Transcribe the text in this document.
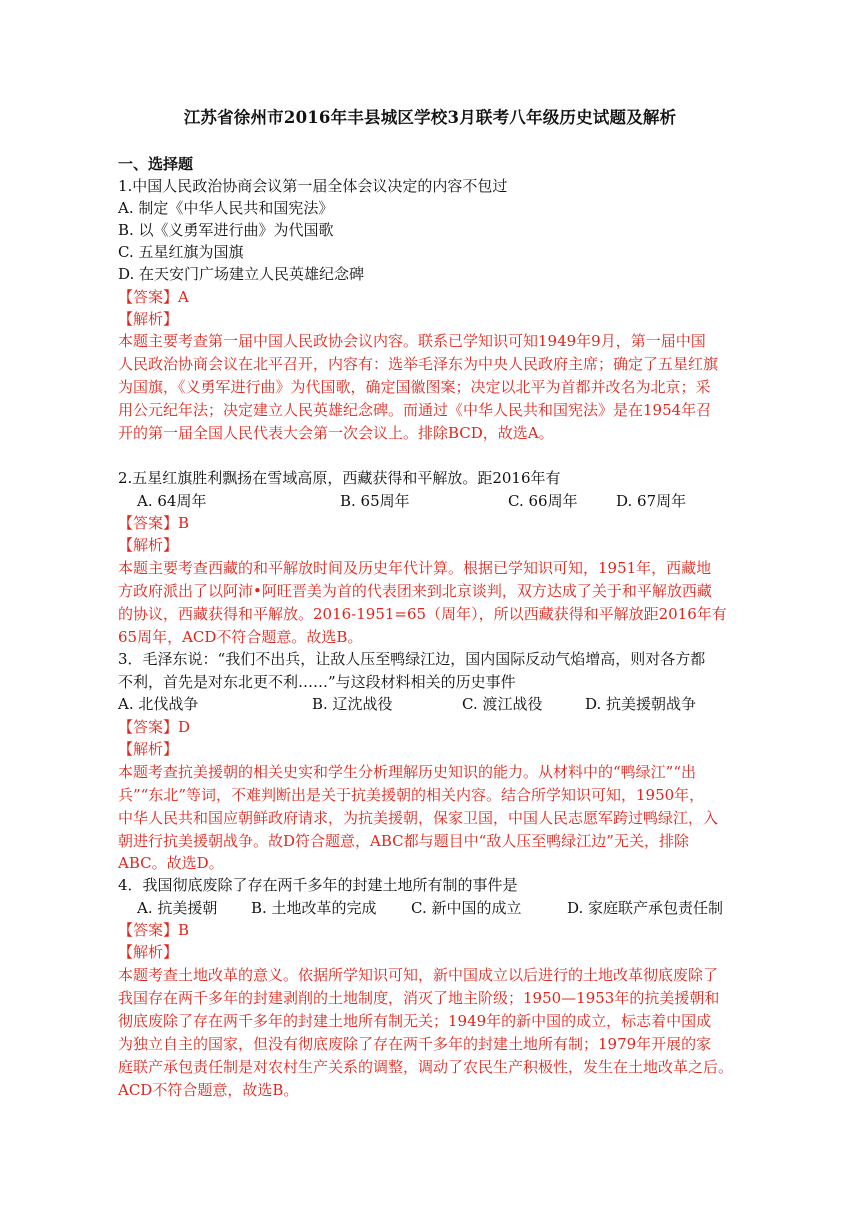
江苏省徐州市2016年丰县城区学校3月联考八年级历史试题及解析
一、选择题
1.中国人民政治协商会议第一届全体会议决定的内容不包过
A. 制定《中华人民共和国宪法》
B. 以《义勇军进行曲》为代国歌
C. 五星红旗为国旗
D. 在天安门广场建立人民英雄纪念碑
【答案】A
【解析】
本题主要考查第一届中国人民政协会议内容。联系已学知识可知1949年9月，第一届中国
人民政治协商会议在北平召开，内容有：选举毛泽东为中央人民政府主席；确定了五星红旗
为国旗，《义勇军进行曲》为代国歌，确定国徽图案；决定以北平为首都并改名为北京；采
用公元纪年法；决定建立人民英雄纪念碑。而通过《中华人民共和国宪法》是在1954年召
开的第一届全国人民代表大会第一次会议上。排除BCD，故选A。
2.五星红旗胜利飘扬在雪域高原，西藏获得和平解放。距2016年有
A. 64周年	B. 65周年	C. 66周年	D. 67周年
【答案】B
【解析】
本题主要考查西藏的和平解放时间及历史年代计算。根据已学知识可知，1951年，西藏地
方政府派出了以阿沛•阿旺晋美为首的代表团来到北京谈判，双方达成了关于和平解放西藏
的协议，西藏获得和平解放。2016-1951=65（周年），所以西藏获得和平解放距2016年有
65周年，ACD不符合题意。故选B。
3．毛泽东说：“我们不出兵，让敌人压至鸭绿江边，国内国际反动气焰增高，则对各方都
不利，首先是对东北更不利……”与这段材料相关的历史事件
A. 北伐战争	B. 辽沈战役	C. 渡江战役	D. 抗美援朝战争
【答案】D
【解析】
本题考查抗美援朝的相关史实和学生分析理解历史知识的能力。从材料中的“鸭绿江”“出
兵”“东北”等词，不难判断出是关于抗美援朝的相关内容。结合所学知识可知，1950年，
中华人民共和国应朝鲜政府请求，为抗美援朝，保家卫国，中国人民志愿军跨过鸭绿江，入
朝进行抗美援朝战争。故D符合题意，ABC都与题目中“敌人压至鸭绿江边”无关，排除
ABC。故选D。
4．我国彻底废除了存在两千多年的封建土地所有制的事件是
A. 抗美援朝 B. 土地改革的完成 C. 新中国的成立	D. 家庭联产承包责任制
【答案】B
【解析】
本题考查土地改革的意义。依据所学知识可知，新中国成立以后进行的土地改革彻底废除了
我国存在两千多年的封建剥削的土地制度，消灭了地主阶级；1950—1953年的抗美援朝和
彻底废除了存在两千多年的封建土地所有制无关；1949年的新中国的成立，标志着中国成
为独立自主的国家，但没有彻底废除了存在两千多年的封建土地所有制；1979年开展的家
庭联产承包责任制是对农村生产关系的调整，调动了农民生产积极性，发生在土地改革之后。
ACD不符合题意，故选B。
